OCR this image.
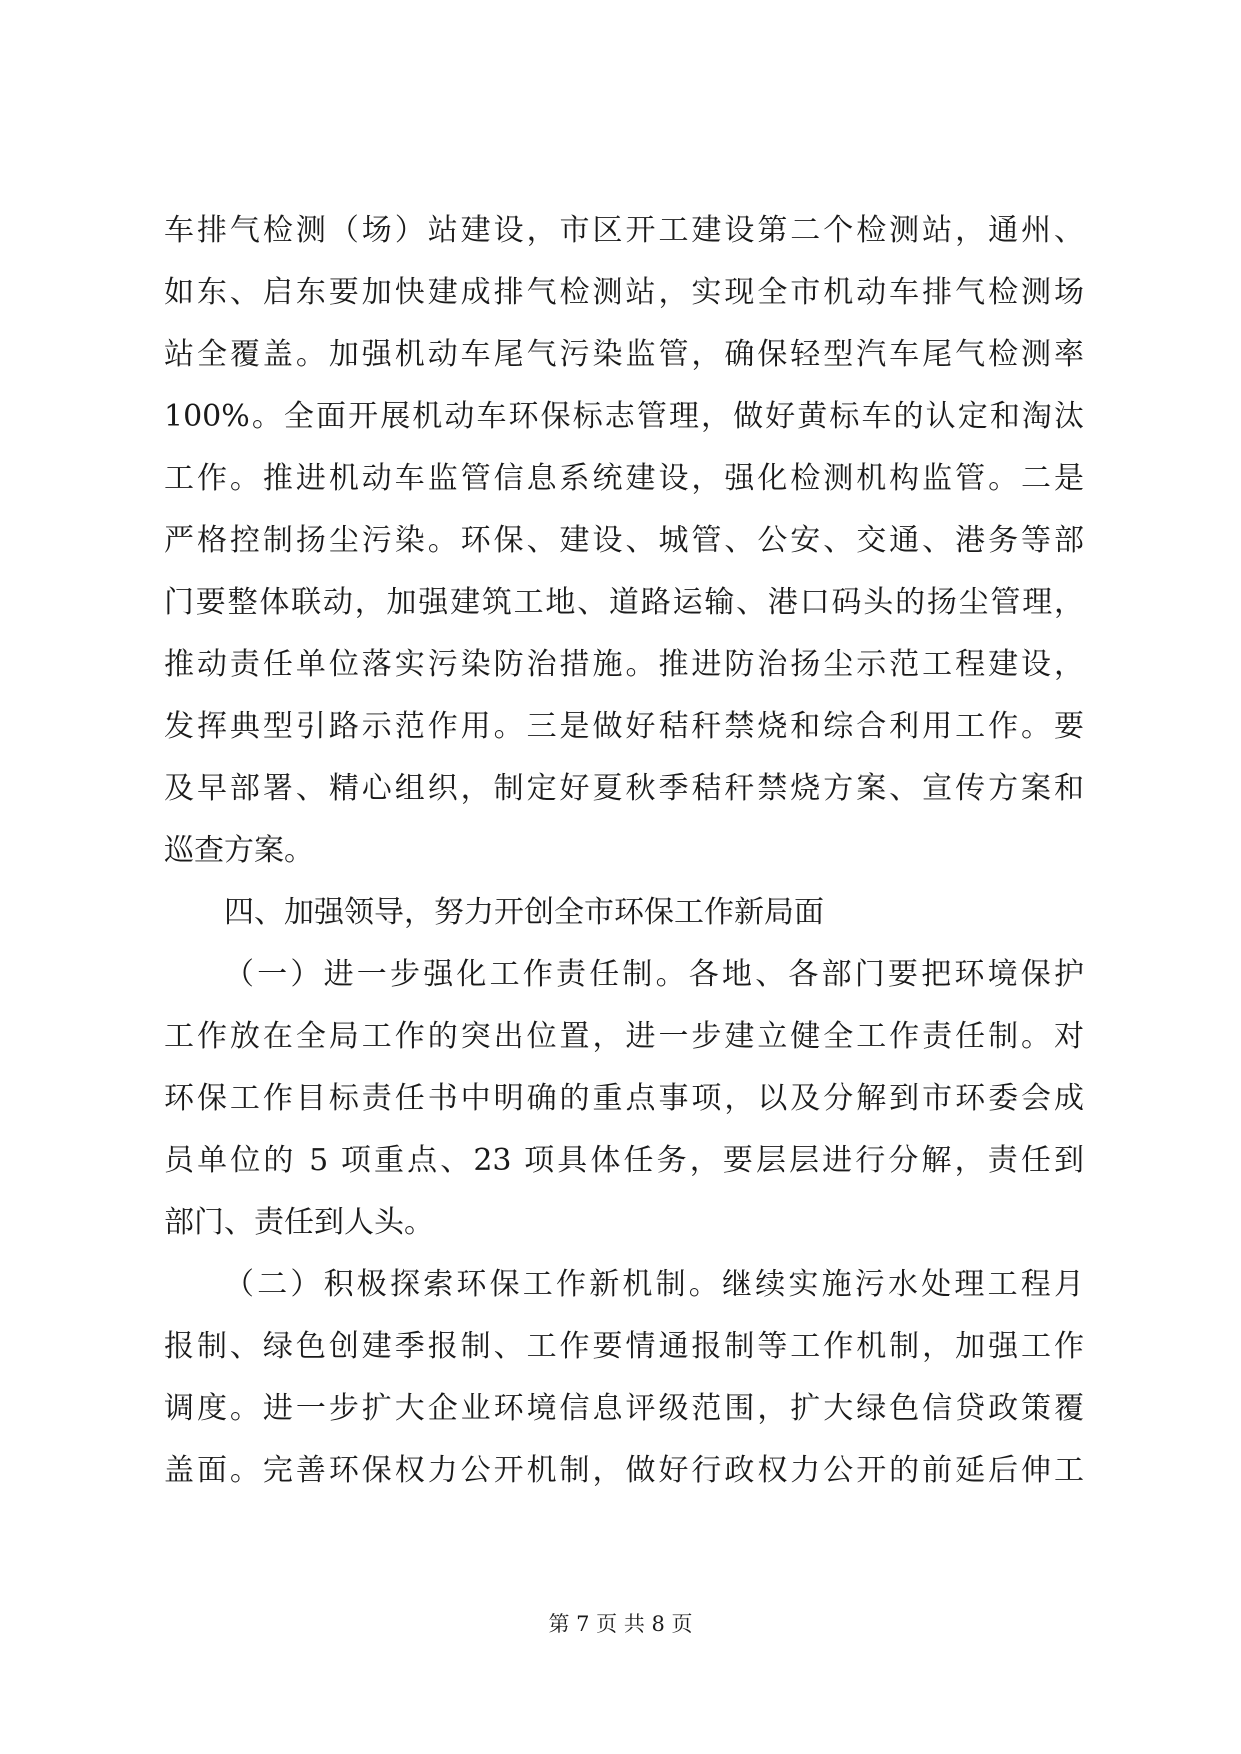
车排气检测（场）站建设，市区开工建设第二个检测站，通州、
如东、启东要加快建成排气检测站，实现全市机动车排气检测场
站全覆盖。加强机动车尾气污染监管，确保轻型汽车尾气检测率
100%。全面开展机动车环保标志管理，做好黄标车的认定和淘汰
工作。推进机动车监管信息系统建设，强化检测机构监管。二是
严格控制扬尘污染。环保、建设、城管、公安、交通、港务等部
门要整体联动，加强建筑工地、道路运输、港口码头的扬尘管理，
推动责任单位落实污染防治措施。推进防治扬尘示范工程建设，
发挥典型引路示范作用。三是做好秸秆禁烧和综合利用工作。要
及早部署、精心组织，制定好夏秋季秸秆禁烧方案、宣传方案和
巡查方案。
四、加强领导，努力开创全市环保工作新局面
（一）进一步强化工作责任制。各地、各部门要把环境保护
工作放在全局工作的突出位置，进一步建立健全工作责任制。对
环保工作目标责任书中明确的重点事项，以及分解到市环委会成
员单位的 5 项重点、23 项具体任务，要层层进行分解，责任到
部门、责任到人头。
（二）积极探索环保工作新机制。继续实施污水处理工程月
报制、绿色创建季报制、工作要情通报制等工作机制，加强工作
调度。进一步扩大企业环境信息评级范围，扩大绿色信贷政策覆
盖面。完善环保权力公开机制，做好行政权力公开的前延后伸工
第 7 页 共 8 页
